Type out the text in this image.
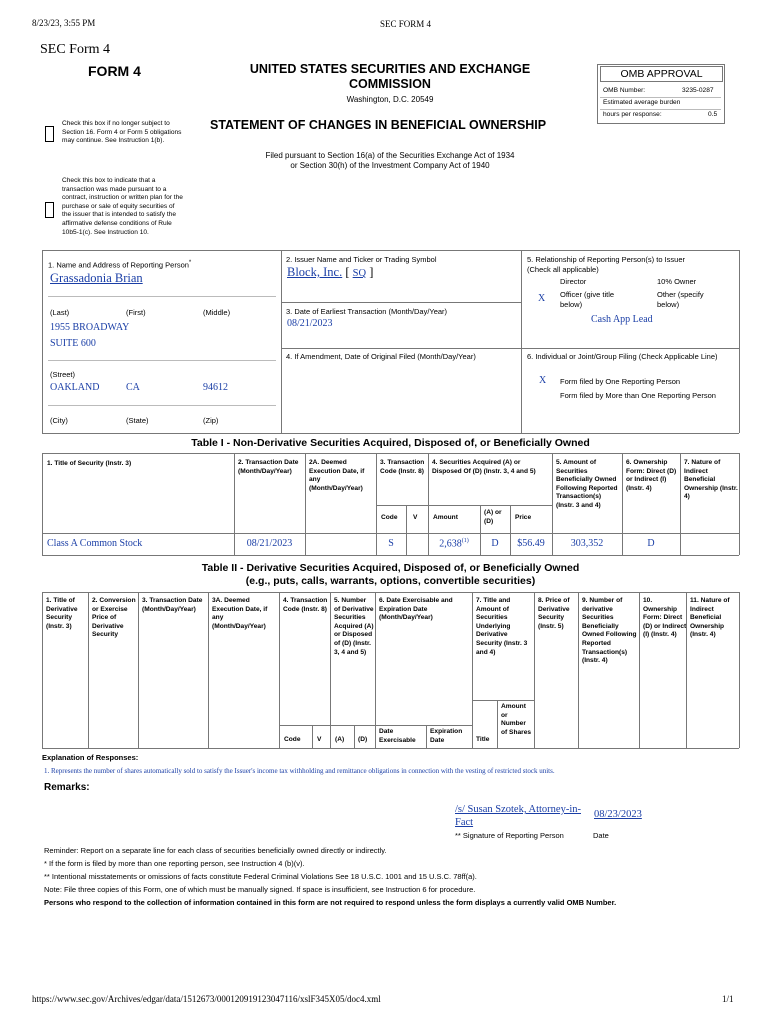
8/23/23, 3:55 PM	SEC FORM 4
SEC Form 4
FORM 4	UNITED STATES SECURITIES AND EXCHANGE
COMMISSION
Washington, D.C. 20549
Check this box if no longer subject to Section 16. Form 4 or Form 5 obligations may continue. See Instruction 1(b).
STATEMENT OF CHANGES IN BENEFICIAL OWNERSHIP
Filed pursuant to Section 16(a) of the Securities Exchange Act of 1934
or Section 30(h) of the Investment Company Act of 1940
Check this box to indicate that a transaction was made pursuant to a contract, instruction or written plan for the purchase or sale of equity securities of the issuer that is intended to satisfy the affirmative defense conditions of Rule 10b5-1(c). See Instruction 10.
OMB APPROVAL
OMB Number:	3235-0287
Estimated average burden
hours per response:	0.5
1. Name and Address of Reporting Person*
Grassadonia Brian
(Last)	(First)	(Middle)
1955 BROADWAY
SUITE 600
(Street)
OAKLAND	CA	94612
(City)	(State)	(Zip)
2. Issuer Name and Ticker or Trading Symbol
Block, Inc. [ SQ ]
3. Date of Earliest Transaction (Month/Day/Year)
08/21/2023
4. If Amendment, Date of Original Filed (Month/Day/Year)
5. Relationship of Reporting Person(s) to Issuer
(Check all applicable)
Director	10% Owner
X Officer (give title below)
Other (specify below)
Cash App Lead
6. Individual or Joint/Group Filing (Check Applicable Line)
X Form filed by One Reporting Person
Form filed by More than One Reporting Person
Table I - Non-Derivative Securities Acquired, Disposed of, or Beneficially Owned
1. Title of Security (Instr. 3)	2. Transaction Date (Month/Day/Year)
2A. Deemed Execution Date, if any (Month/Day/Year)
3. Transaction Code (Instr. 8)
4. Securities Acquired (A) or Disposed Of (D) (Instr. 3, 4 and 5)
5. Amount of Securities Beneficially Owned Following Reported Transaction(s) (Instr. 3 and 4)
6. Ownership Form: Direct (D) or Indirect (I) (Instr. 4)
7. Nature of Indirect Beneficial Ownership (Instr. 4)
Code V Amount
(A) or (D)
Price
Class A Common Stock	08/21/2023	S	2,638$^{(1)}$	D	$56.49	303,352	D
Table II - Derivative Securities Acquired, Disposed of, or Beneficially Owned
(e.g., puts, calls, warrants, options, convertible securities)
1. Title of Derivative Security (Instr. 3)
2. Conversion or Exercise Price of Derivative Security
3. Transaction Date (Month/Day/Year)
3A. Deemed Execution Date, if any (Month/Day/Year)
4. Transaction Code (Instr. 8)
5. Number of Derivative Securities Acquired (A) or Disposed of (D) (Instr. 3, 4 and 5)
6. Date Exercisable and Expiration Date (Month/Day/Year)
7. Title and Amount of Securities Underlying Derivative Security (Instr. 3 and 4)
8. Price of Derivative Security (Instr. 5)
9. Number of derivative Securities Beneficially Owned Following Reported Transaction(s) (Instr. 4)
10. Ownership Form: Direct (D) or Indirect (I) (Instr. 4)
11. Nature of Indirect Beneficial Ownership (Instr. 4)
Code	V (A) (D)
Date Exercisable
Expiration Date	Title
Amount or Number of Shares
Explanation of Responses:
1. Represents the number of shares automatically sold to satisfy the Issuer's income tax withholding and remittance obligations in connection with the vesting of restricted stock units.
Remarks:
/s/ Susan Szotek, Attorney-in-Fact
08/23/2023
** Signature of Reporting Person	Date
Reminder: Report on a separate line for each class of securities beneficially owned directly or indirectly.
* If the form is filed by more than one reporting person, see Instruction 4 (b)(v).
** Intentional misstatements or omissions of facts constitute Federal Criminal Violations See 18 U.S.C. 1001 and 15 U.S.C. 78ff(a).
Note: File three copies of this Form, one of which must be manually signed. If space is insufficient, see Instruction 6 for procedure.
Persons who respond to the collection of information contained in this form are not required to respond unless the form displays a currently valid OMB Number.
https://www.sec.gov/Archives/edgar/data/1512673/000120919123047116/xslF345X05/doc4.xml	1/1
